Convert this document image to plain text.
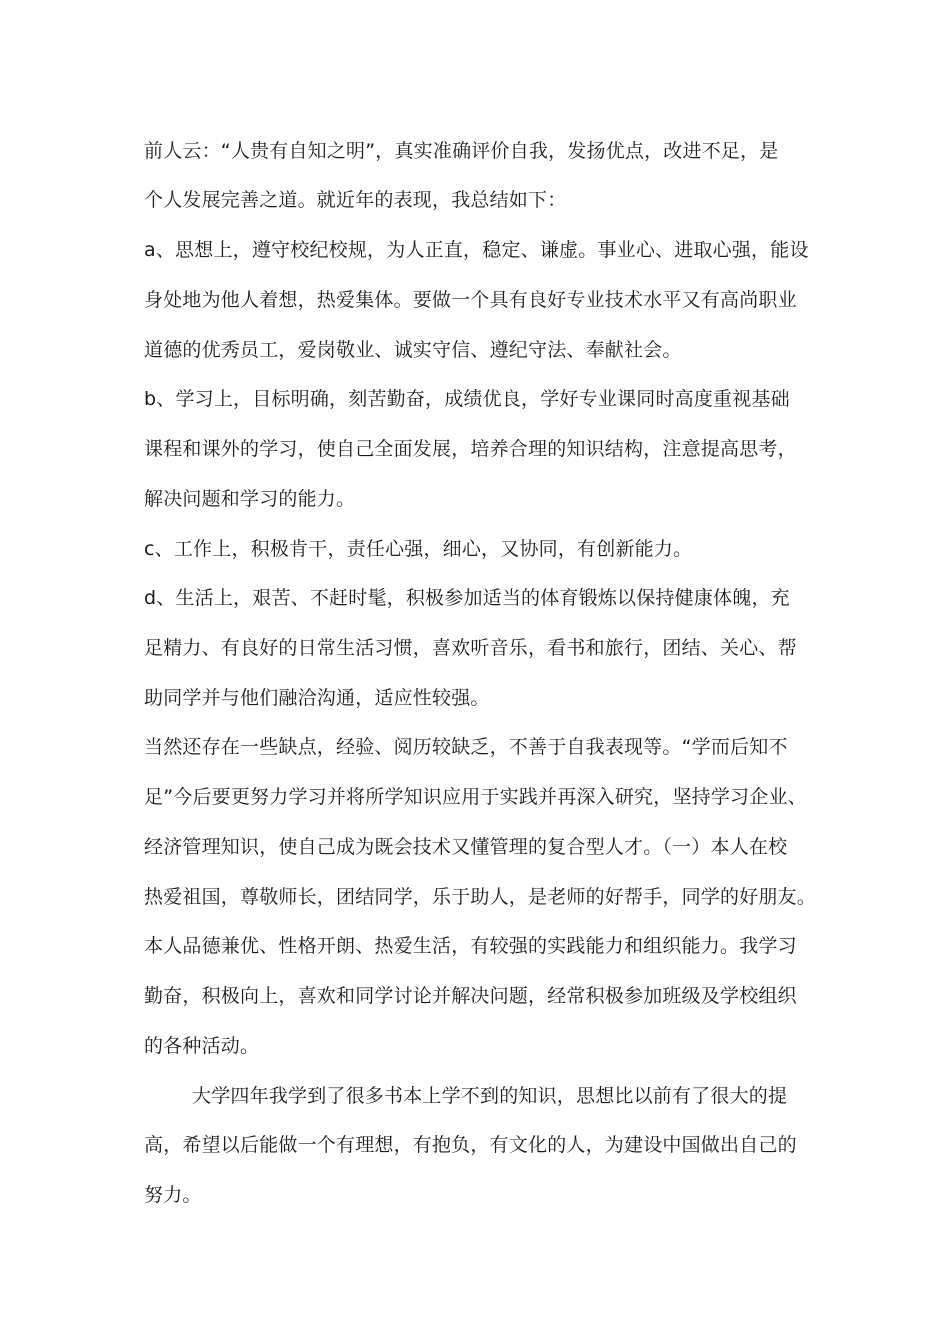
前人云：“人贵有自知之明”，真实准确评价自我，发扬优点，改进不足，是
个人发展完善之道。就近年的表现，我总结如下：
a、思想上，遵守校纪校规，为人正直，稳定、谦虚。事业心、进取心强，能设
身处地为他人着想，热爱集体。要做一个具有良好专业技术水平又有高尚职业
道德的优秀员工，爱岗敬业、诚实守信、遵纪守法、奉献社会。
b、学习上，目标明确，刻苦勤奋，成绩优良，学好专业课同时高度重视基础
课程和课外的学习，使自己全面发展，培养合理的知识结构，注意提高思考，
解决问题和学习的能力。
c、工作上，积极肯干，责任心强，细心，又协同，有创新能力。
d、生活上，艰苦、不赶时髦，积极参加适当的体育锻炼以保持健康体魄，充
足精力、有良好的日常生活习惯，喜欢听音乐，看书和旅行，团结、关心、帮
助同学并与他们融洽沟通，适应性较强。
当然还存在一些缺点，经验、阅历较缺乏，不善于自我表现等。“学而后知不
足”今后要更努力学习并将所学知识应用于实践并再深入研究，坚持学习企业、
经济管理知识，使自己成为既会技术又懂管理的复合型人才。（一）本人在校
热爱祖国，尊敬师长，团结同学，乐于助人，是老师的好帮手，同学的好朋友。
本人品德兼优、性格开朗、热爱生活，有较强的实践能力和组织能力。我学习
勤奋，积极向上，喜欢和同学讨论并解决问题，经常积极参加班级及学校组织
的各种活动。
大学四年我学到了很多书本上学不到的知识，思想比以前有了很大的提
高，希望以后能做一个有理想，有抱负，有文化的人，为建设中国做出自己的
努力。
